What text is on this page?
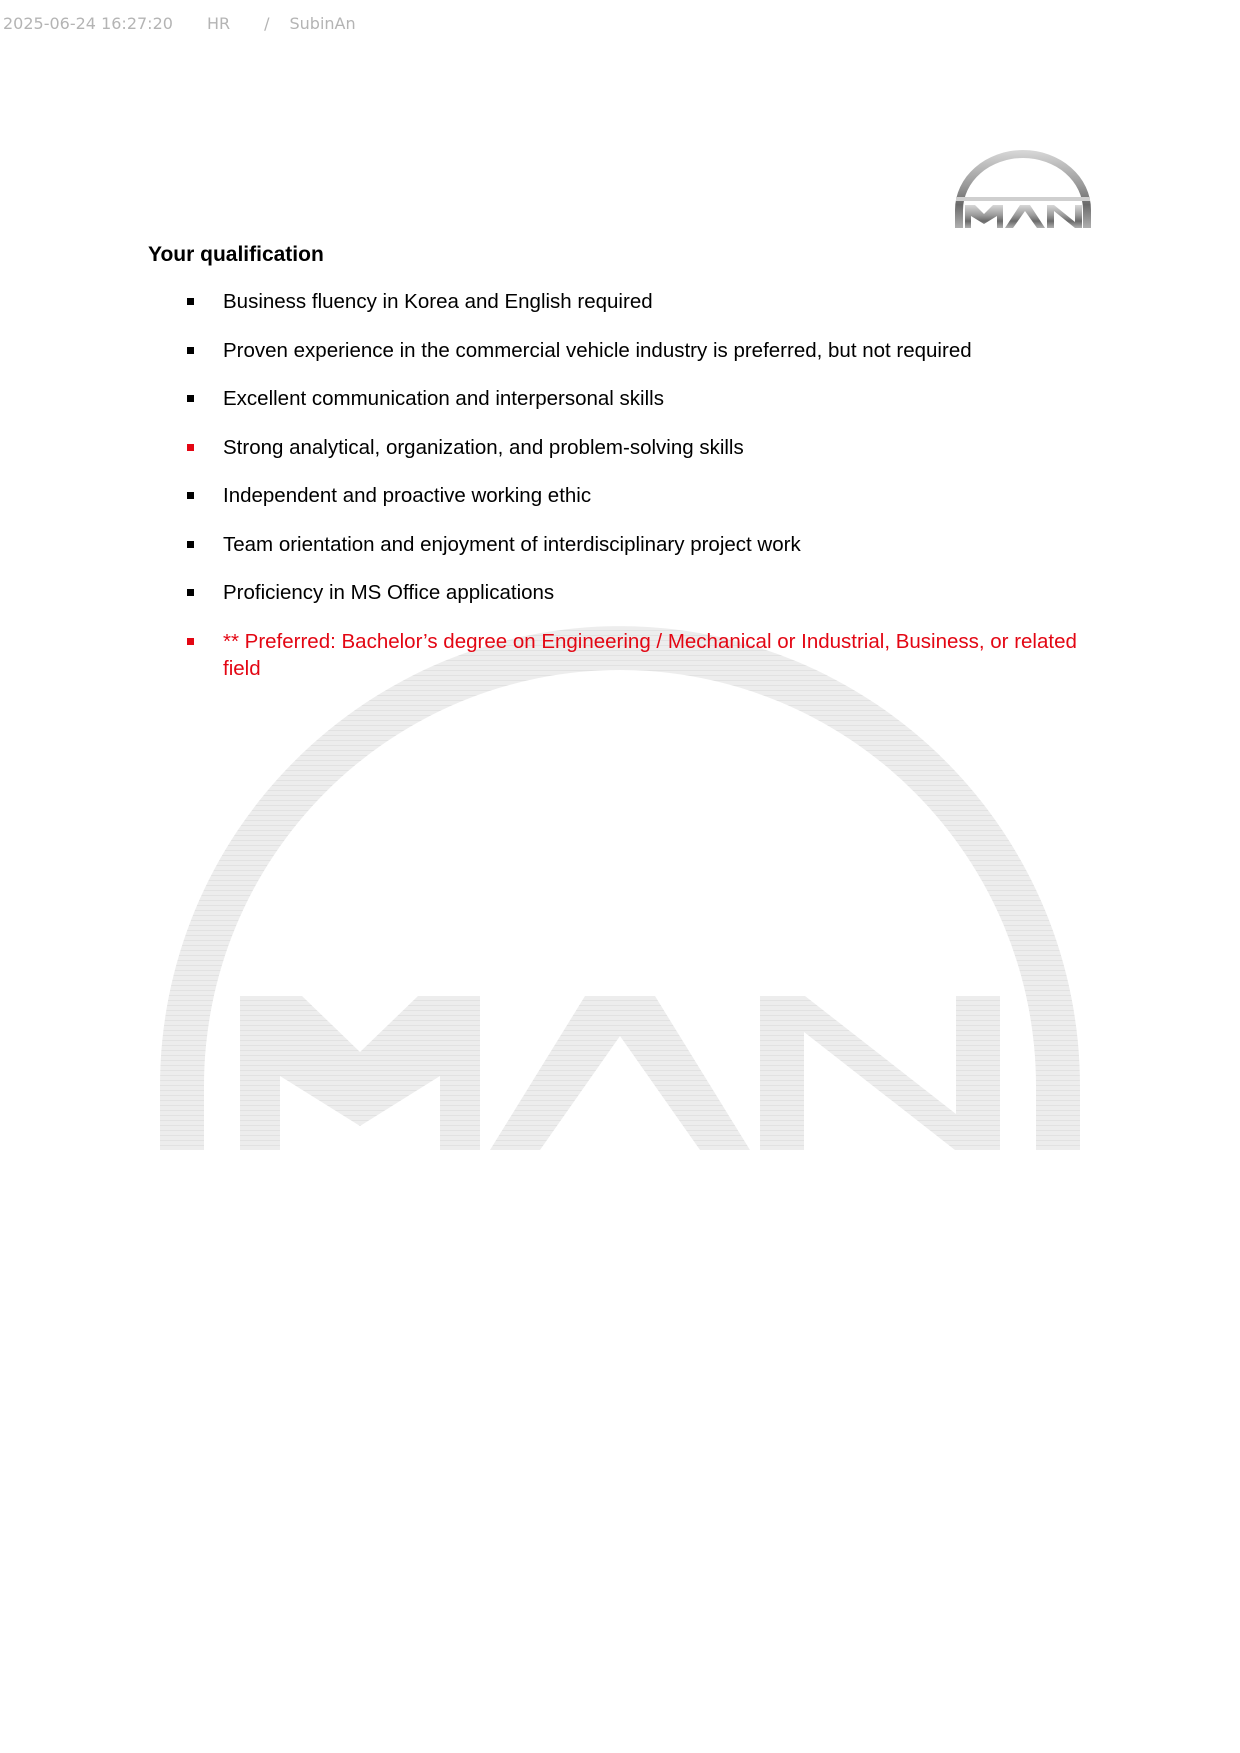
2025-06-24 16:27:20 HR / SubinAn
MAN
Your qualification
Business fluency in Korea and English required
Proven experience in the commercial vehicle industry is preferred, but not required
Excellent communication and interpersonal skills
Strong analytical, organization, and problem-solving skills
Independent and proactive working ethic
Team orientation and enjoyment of interdisciplinary project work
Proficiency in MS Office applications
** Preferred: Bachelor’s degree on Engineering / Mechanical or Industrial, Business, or related field
